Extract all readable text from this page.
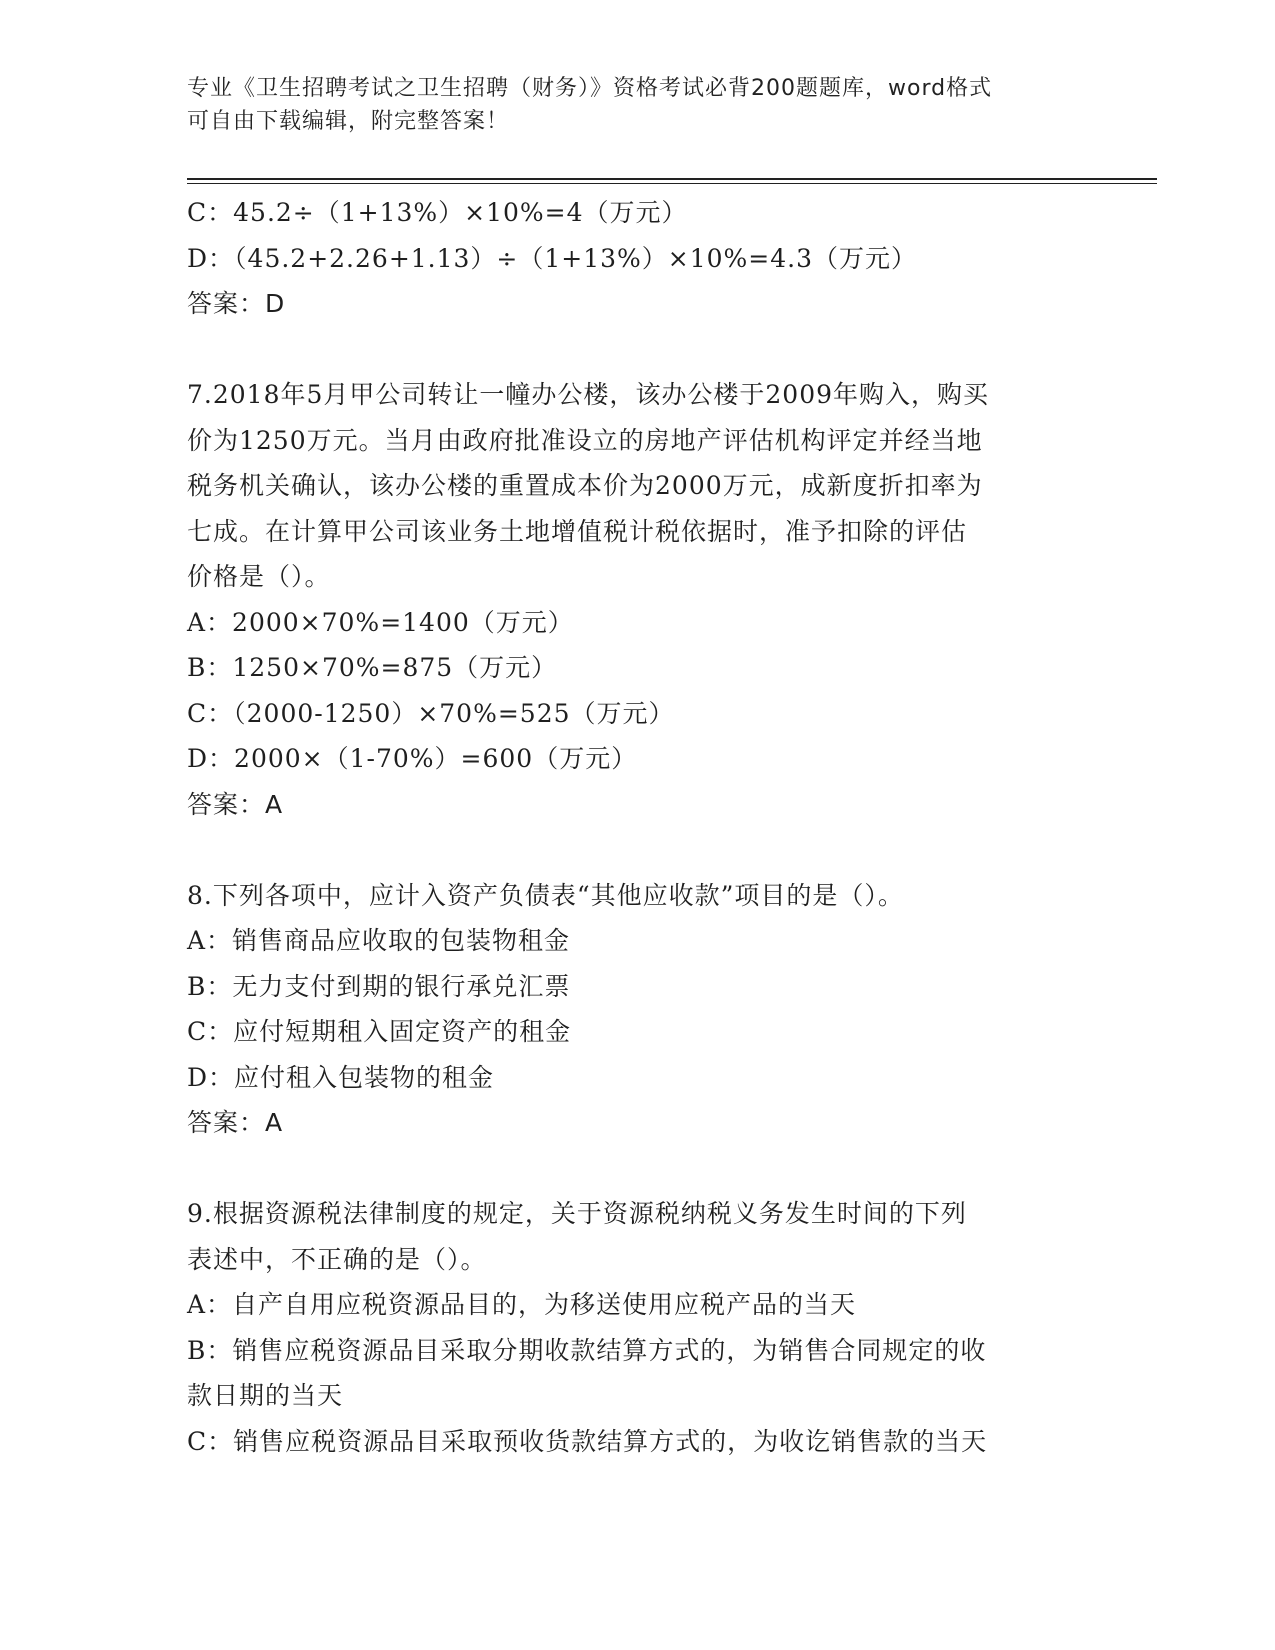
专业《卫生招聘考试之卫生招聘（财务）》资格考试必背200题题库，word格式
可自由下载编辑，附完整答案！
C：45.2÷（1+13%）×10%=4（万元）
D：（45.2+2.26+1.13）÷（1+13%）×10%=4.3（万元）
答案：D
7.2018年5月甲公司转让一幢办公楼，该办公楼于2009年购入，购买
价为1250万元。当月由政府批准设立的房地产评估机构评定并经当地
税务机关确认，该办公楼的重置成本价为2000万元，成新度折扣率为
七成。在计算甲公司该业务土地增值税计税依据时，准予扣除的评估
价格是（）。
A：2000×70%=1400（万元）
B：1250×70%=875（万元）
C：（2000-1250）×70%=525（万元）
D：2000×（1-70%）=600（万元）
答案：A
8.下列各项中，应计入资产负债表“其他应收款”项目的是（）。
A：销售商品应收取的包装物租金
B：无力支付到期的银行承兑汇票
C：应付短期租入固定资产的租金
D：应付租入包装物的租金
答案：A
9.根据资源税法律制度的规定，关于资源税纳税义务发生时间的下列
表述中，不正确的是（）。
A：自产自用应税资源品目的，为移送使用应税产品的当天
B：销售应税资源品目采取分期收款结算方式的，为销售合同规定的收
款日期的当天
C：销售应税资源品目采取预收货款结算方式的，为收讫销售款的当天
